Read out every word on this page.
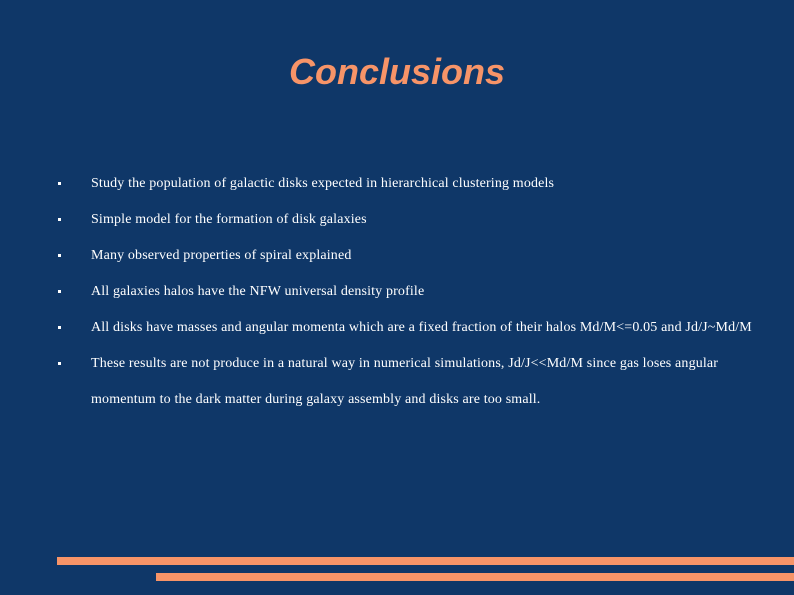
Conclusions
Study the population of galactic disks expected in hierarchical clustering models
Simple model for the formation of disk galaxies
Many observed properties of spiral explained
All galaxies halos have the NFW universal density profile
All disks have masses and angular momenta which are a fixed fraction of their halos Md/M<=0.05 and Jd/J~Md/M
These results are not produce in a natural way in numerical simulations, Jd/J<<Md/M since gas loses angular momentum to the dark matter during galaxy assembly and disks are too small.
